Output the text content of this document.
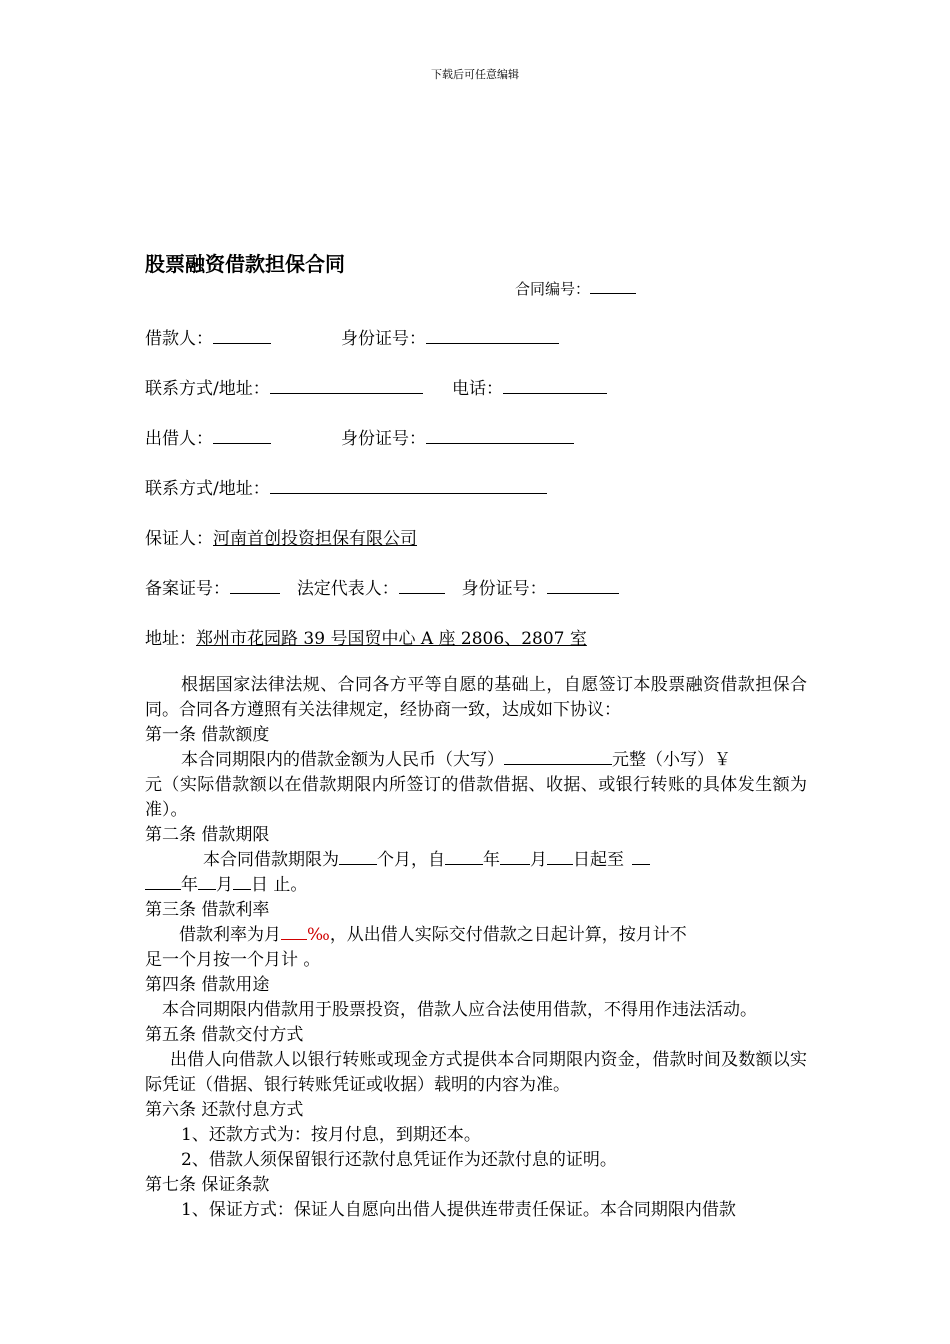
下载后可任意编辑
股票融资借款担保合同
合同编号：
借款人：	身份证号：
联系方式/地址：	电话：
出借人：	身份证号：
联系方式/地址：
保证人：河南首创投资担保有限公司
备案证号：	法定代表人：	身份证号：
地址：郑州市花园路 39 号国贸中心 A 座 2806、2807 室
根据国家法律法规、合同各方平等自愿的基础上，自愿签订本股票融资借款担保合同。合同各方遵照有关法律规定，经协商一致，达成如下协议：
第一条 借款额度
本合同期限内的借款金额为人民币（大写）	元整（小写）￥
元（实际借款额以在借款期限内所签订的借款借据、收据、或银行转账的具体发生额为准）。
第二条 借款期限
本合同借款期限为 个月，自 年 月 日起至
年 月 日 止。
第三条 借款利率
借款利率为月 ‰，从出借人实际交付借款之日起计算，按月计不
足一个月按一个月计 。
第四条 借款用途
本合同期限内借款用于股票投资，借款人应合法使用借款，不得用作违法活动。
第五条 借款交付方式
出借人向借款人以银行转账或现金方式提供本合同期限内资金，借款时间及数额以实际凭证（借据、银行转账凭证或收据）载明的内容为准。
第六条 还款付息方式
1、还款方式为：按月付息，到期还本。
2、借款人须保留银行还款付息凭证作为还款付息的证明。
第七条 保证条款
1、保证方式：保证人自愿向出借人提供连带责任保证。本合同期限内借款
